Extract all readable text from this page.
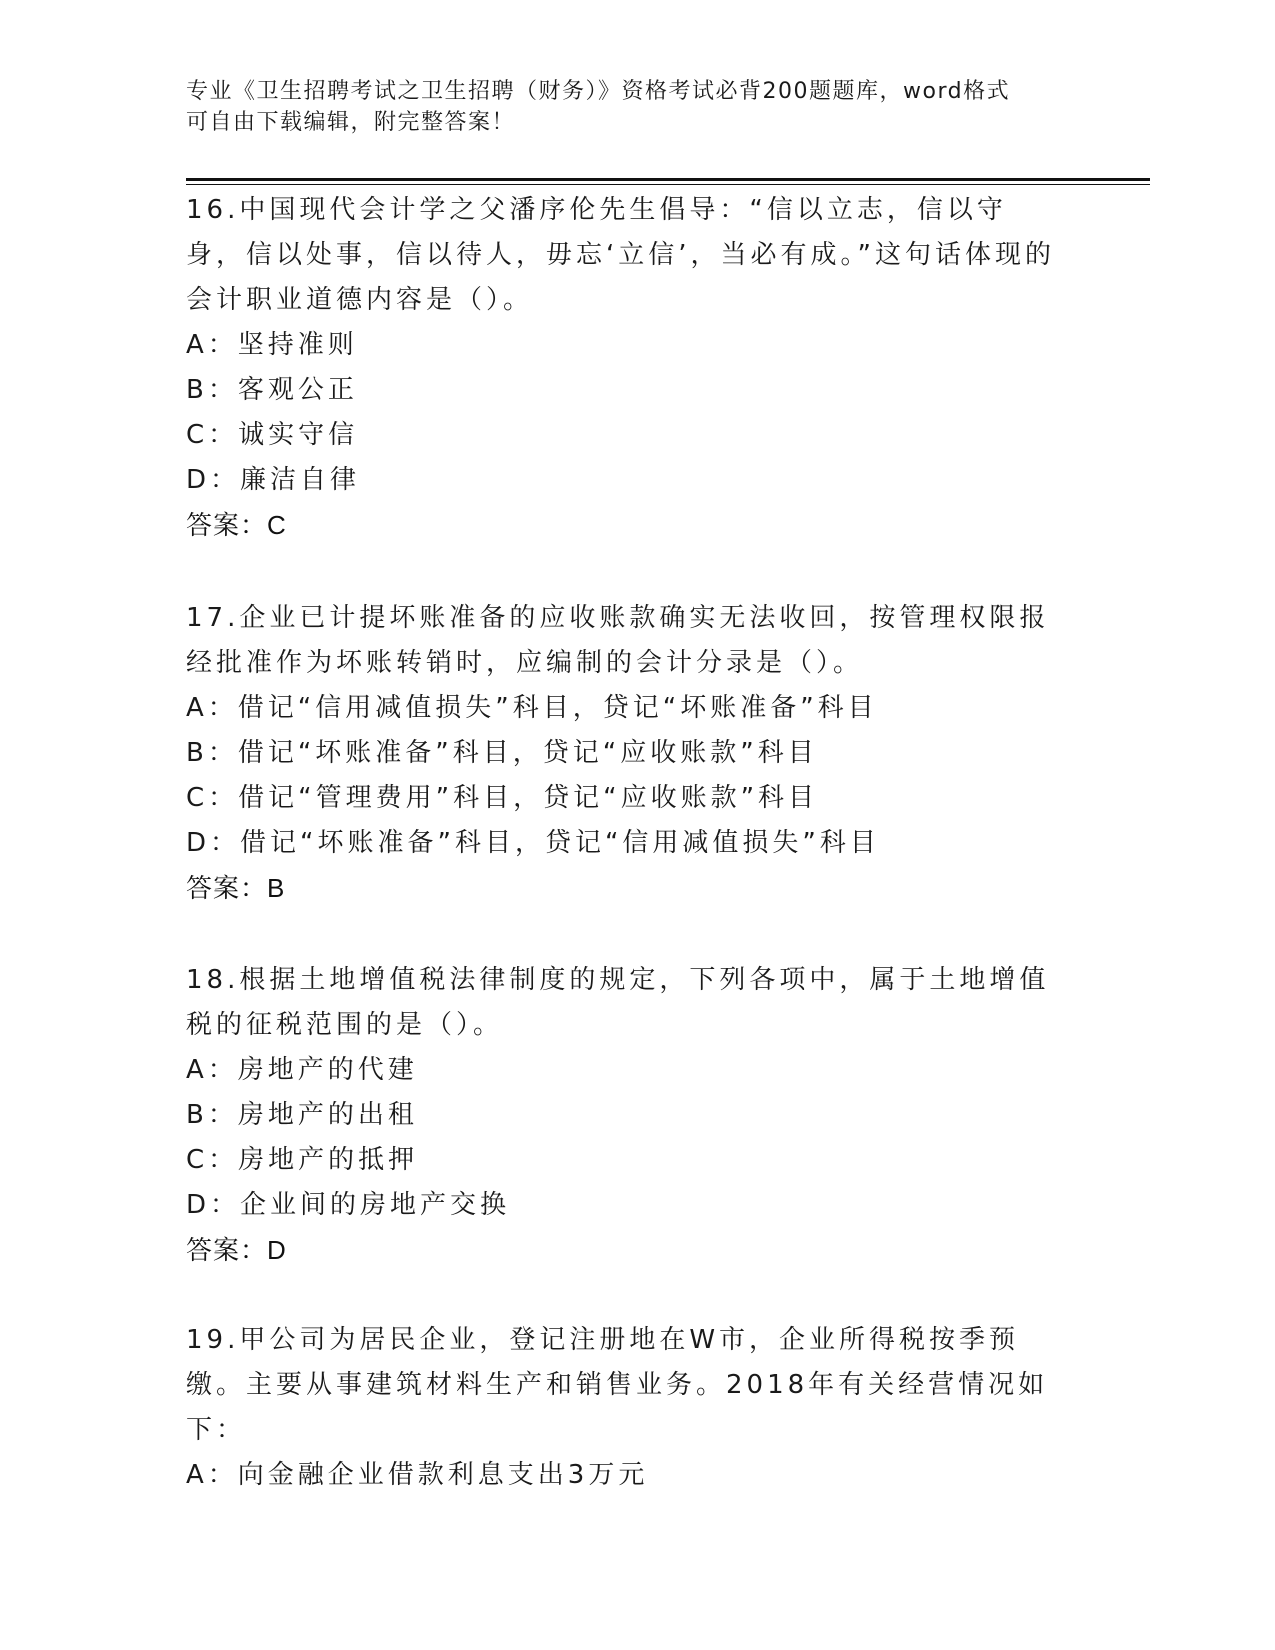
专业《卫生招聘考试之卫生招聘（财务）》资格考试必背200题题库，word格式
可自由下载编辑，附完整答案！

16.中国现代会计学之父潘序伦先生倡导：“信以立志，信以守身，信以处事，信以待人，毋忘‘立信’，当必有成。”这句话体现的会计职业道德内容是（）。

A：坚持准则

B：客观公正

C：诚实守信

D：廉洁自律

答案：C

17.企业已计提坏账准备的应收账款确实无法收回，按管理权限报经批准作为坏账转销时，应编制的会计分录是（）。

A：借记“信用减值损失”科目，贷记“坏账准备”科目

B：借记“坏账准备”科目，贷记“应收账款”科目

C：借记“管理费用”科目，贷记“应收账款”科目

D：借记“坏账准备”科目，贷记“信用减值损失”科目

答案：B

18.根据土地增值税法律制度的规定，下列各项中，属于土地增值税的征税范围的是（）。

A：房地产的代建

B：房地产的出租

C：房地产的抵押

D：企业间的房地产交换

答案：D

19.甲公司为居民企业，登记注册地在W市，企业所得税按季预缴。主要从事建筑材料生产和销售业务。2018年有关经营情况如下：

A：向金融企业借款利息支出3万元
